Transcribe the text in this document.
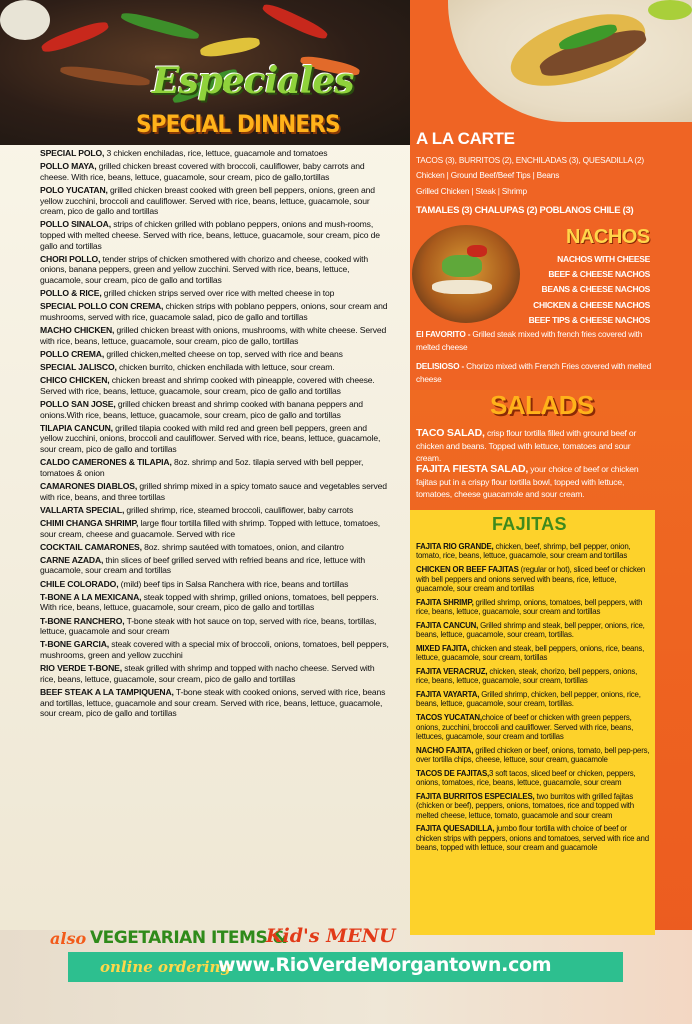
Especiales
SPECIAL DINNERS
SPECIAL POLO, 3 chicken enchiladas, rice, lettuce, guacamole and tomatoes
POLLO MAYA, grilled chicken breast covered with broccoli, cauliflower, baby carrots and cheese. With rice, beans, lettuce, guacamole, sour cream, pico de gallo,tortillas
POLO YUCATAN, grilled chicken breast cooked with green bell peppers, onions, green and yellow zucchini, broccoli and cauliflower. Served with rice, beans, lettuce, guacamole, sour cream, pico de gallo and tortillas
POLLO SINALOA, strips of chicken grilled with poblano peppers, onions and mush-rooms, topped with melted cheese. Served with rice, beans, lettuce, guacamole, sour cream, pico de gallo and tortillas
CHORI POLLO, tender strips of chicken smothered with chorizo and cheese, cooked with onions, banana peppers, green and yellow zucchini. Served with rice, beans, lettuce, guacamole, sour cream, pico de gallo and tortillas
POLLO & RICE, grilled chicken strips served over rice with melted cheese in top
SPECIAL POLLO CON CREMA, chicken strips with poblano peppers, onions, sour cream and mushrooms, served with rice, guacamole salad, pico de gallo and tortillas
MACHO CHICKEN, grilled chicken breast with onions, mushrooms, with white cheese. Served with rice, beans, lettuce, guacamole, sour cream, pico de gallo, tortillas
POLLO CREMA, grilled chicken,melted cheese on top, served with rice and beans
SPECIAL JALISCO, chicken burrito, chicken enchilada with lettuce, sour cream.
CHICO CHICKEN, chicken breast and shrimp cooked with pineapple, covered with cheese. Served with rice, beans, lettuce, guacamole, sour cream, pico de gallo and tortillas
POLLO SAN JOSE, grilled chicken breast and shrimp cooked with banana peppers and onions.With rice, beans, lettuce, guacamole, sour cream, pico de gallo and tortillas
TILAPIA CANCUN, grilled tilapia cooked with mild red and green bell peppers, green and yellow zucchini, onions, broccoli and cauliflower. Served with rice, beans, lettuce, guacamole, sour cream, pico de gallo and tortillas
CALDO CAMERONES & TILAPIA, 8oz. shrimp and 5oz. tilapia served with bell pepper, tomatoes & onion
CAMARONES DIABLOS, grilled shrimp mixed in a spicy tomato sauce and vegetables served with rice, beans, and three tortillas
VALLARTA SPECIAL, grilled shrimp, rice, steamed broccoli, cauliflower, baby carrots
CHIMI CHANGA SHRIMP, large flour tortilla filled with shrimp. Topped with lettuce, tomatoes, sour cream, cheese and guacamole. Served with rice
COCKTAIL CAMARONES, 8oz. shrimp sautéed with tomatoes, onion, and cilantro
CARNE AZADA, thin slices of beef grilled served with refried beans and rice, lettuce with guacamole, sour cream and tortillas
CHILE COLORADO, (mild) beef tips in Salsa Ranchera with rice, beans and tortillas
T-BONE A LA MEXICANA, steak topped with shrimp, grilled onions, tomatoes, bell peppers. With rice, beans, lettuce, guacamole, sour cream, pico de gallo and tortillas
T-BONE RANCHERO, T-bone steak with hot sauce on top, served with rice, beans, tortillas, lettuce, guacamole and sour cream
T-BONE GARCIA, steak covered with a special mix of broccoli, onions, tomatoes, bell peppers, mushrooms, green and yellow zucchini
RIO VERDE T-BONE, steak grilled with shrimp and topped with nacho cheese. Served with rice, beans, lettuce, guacamole, sour cream, pico de gallo and tortillas
BEEF STEAK A LA TAMPIQUENA, T-bone steak with cooked onions, served with rice, beans and tortillas, lettuce, guacamole and sour cream. Served with rice, beans, lettuce, guacamole, sour cream, pico de gallo and tortillas
A LA CARTE
TACOS (3), BURRITOS (2), ENCHILADAS (3), QUESADILLA (2)
Chicken | Ground Beef/Beef Tips | Beans
Grilled Chicken | Steak | Shrimp
TAMALES (3) CHALUPAS (2) POBLANOS CHILE (3)
NACHOS
NACHOS WITH CHEESE
BEEF & CHEESE NACHOS
BEANS & CHEESE NACHOS
CHICKEN & CHEESE NACHOS
BEEF TIPS & CHEESE NACHOS
El FAVORITO - Grilled steak mixed with french fries covered with melted cheese
DELISIOSO - Chorizo mixed with French Fries covered with melted cheese
SALADS
TACO SALAD, crisp flour tortilla filled with ground beef or chicken and beans. Topped with lettuce, tomatoes and sour cream.
FAJITA FIESTA SALAD, your choice of beef or chicken fajitas put in a crispy flour tortilla bowl, topped with lettuce, tomatoes, cheese guacamole and sour cream.
FAJITAS
FAJITA RIO GRANDE, chicken, beef, shrimp, bell pepper, onion, tomato, rice, beans, lettuce, guacamole, sour cream and tortillas
CHICKEN OR BEEF FAJITAS (regular or hot), sliced beef or chicken with bell peppers and onions served with beans, rice, lettuce, guacamole, sour cream and tortillas
FAJITA SHRIMP, grilled shrimp, onions, tomatoes, bell peppers, with rice, beans, lettuce, guacamole, sour cream and tortillas
FAJITA CANCUN, Grilled shrimp and steak, bell pepper, onions, rice, beans, lettuce, guacamole, sour cream, tortillas.
MIXED FAJITA, chicken and steak, bell peppers, onions, rice, beans, lettuce, guacamole, sour cream, tortillas
FAJITA VERACRUZ, chicken, steak, chorizo, bell peppers, onions, rice, beans, lettuce, guacamole, sour cream, tortillas
FAJITA VAYARTA, Grilled shrimp, chicken, bell pepper, onions, rice, beans, lettuce, guacamole, sour cream, tortillas.
TACOS YUCATAN,choice of beef or chicken with green peppers, onions, zucchini, broccoli and cauliflower. Served with rice, beans, lettuces, guacamole, sour cream and tortillas
NACHO FAJITA, grilled chicken or beef, onions, tomato, bell pep-pers, over tortilla chips, cheese, lettuce, sour cream, guacamole
TACOS DE FAJITAS,3 soft tacos, sliced beef or chicken, peppers, onions, tomatoes, rice, beans, lettuce, guacamole, sour cream
FAJITA BURRITOS ESPECIALES, two burritos with grilled fajitas (chicken or beef), peppers, onions, tomatoes, rice and topped with melted cheese, lettuce, tomato, guacamole and sour cream
FAJITA QUESADILLA, jumbo flour tortilla with choice of beef or chicken strips with peppers, onions and tomatoes, served with rice and beans, topped with lettuce, sour cream and guacamole
also VEGETARIAN ITEMS &
Kid's MENU
online ordering
www.RioVerdeMorgantown.com
